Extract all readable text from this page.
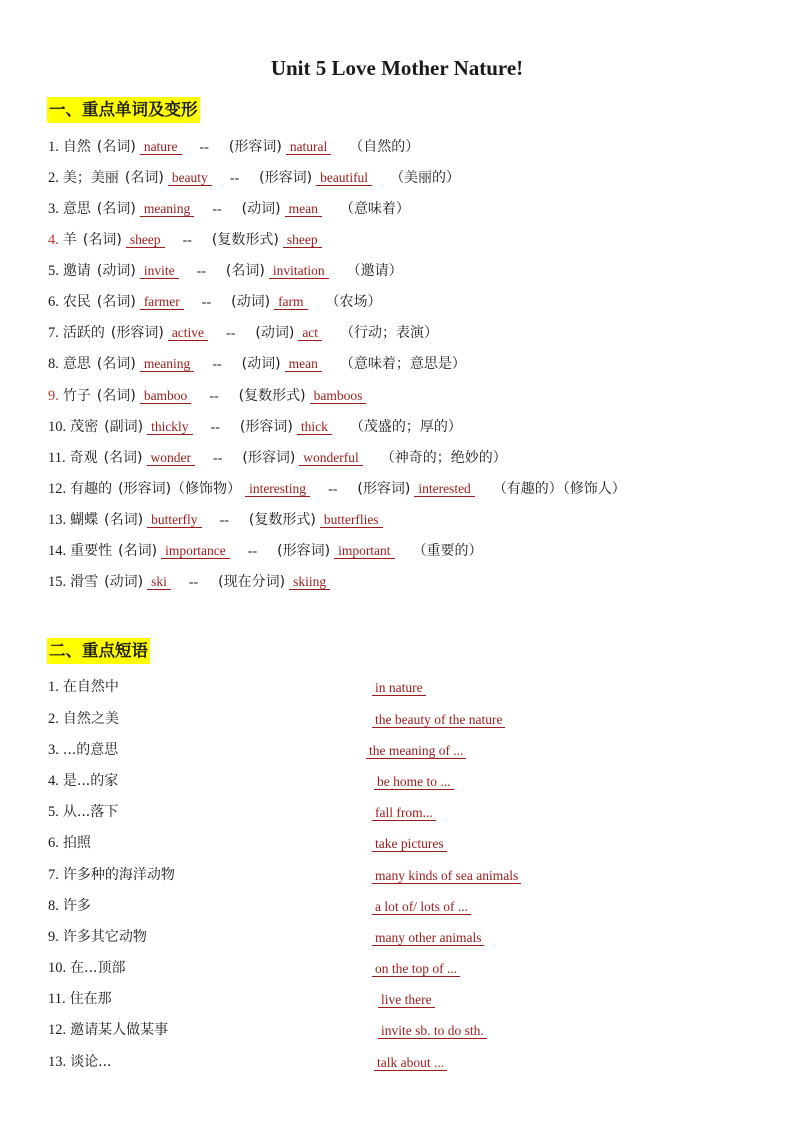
Unit 5 Love Mother Nature!
一、重点单词及变形
1. 自然 (名词) nature -- (形容词) natural （自然的）
2. 美；美丽 (名词) beauty -- (形容词) beautiful （美丽的）
3. 意思 (名词) meaning -- (动词) mean （意味着）
4. 羊 (名词) sheep -- (复数形式) sheep
5. 邀请 (动词) invite -- (名词) invitation （邀请）
6. 农民 (名词) farmer -- (动词) farm （农场）
7. 活跃的 (形容词) active -- (动词) act （行动；表演）
8. 意思 (名词) meaning -- (动词) mean （意味着；意思是）
9. 竹子 (名词) bamboo -- (复数形式) bamboos
10. 茂密 (副词) thickly -- (形容词) thick （茂盛的；厚的）
11. 奇观 (名词) wonder -- (形容词) wonderful （神奇的；绝妙的）
12. 有趣的 (形容词)（修饰物） interesting -- (形容词) interested （有趣的）（修饰人）
13. 蝴蝶 (名词) butterfly -- (复数形式) butterflies
14. 重要性 (名词) importance -- (形容词) important （重要的）
15. 滑雪 (动词) ski -- (现在分词) skiing
二、重点短语
1. 在自然中	in nature
2. 自然之美	the beauty of the nature
3. ...的意思	the meaning of ...
4. 是...的家	be home to ...
5. 从...落下	fall from...
6. 拍照	take pictures
7. 许多种的海洋动物	many kinds of sea animals
8. 许多	a lot of/ lots of ...
9. 许多其它动物	many other animals
10. 在...顶部	on the top of ...
11. 住在那	live there
12. 邀请某人做某事	invite sb. to do sth.
13. 谈论...	talk about ...
